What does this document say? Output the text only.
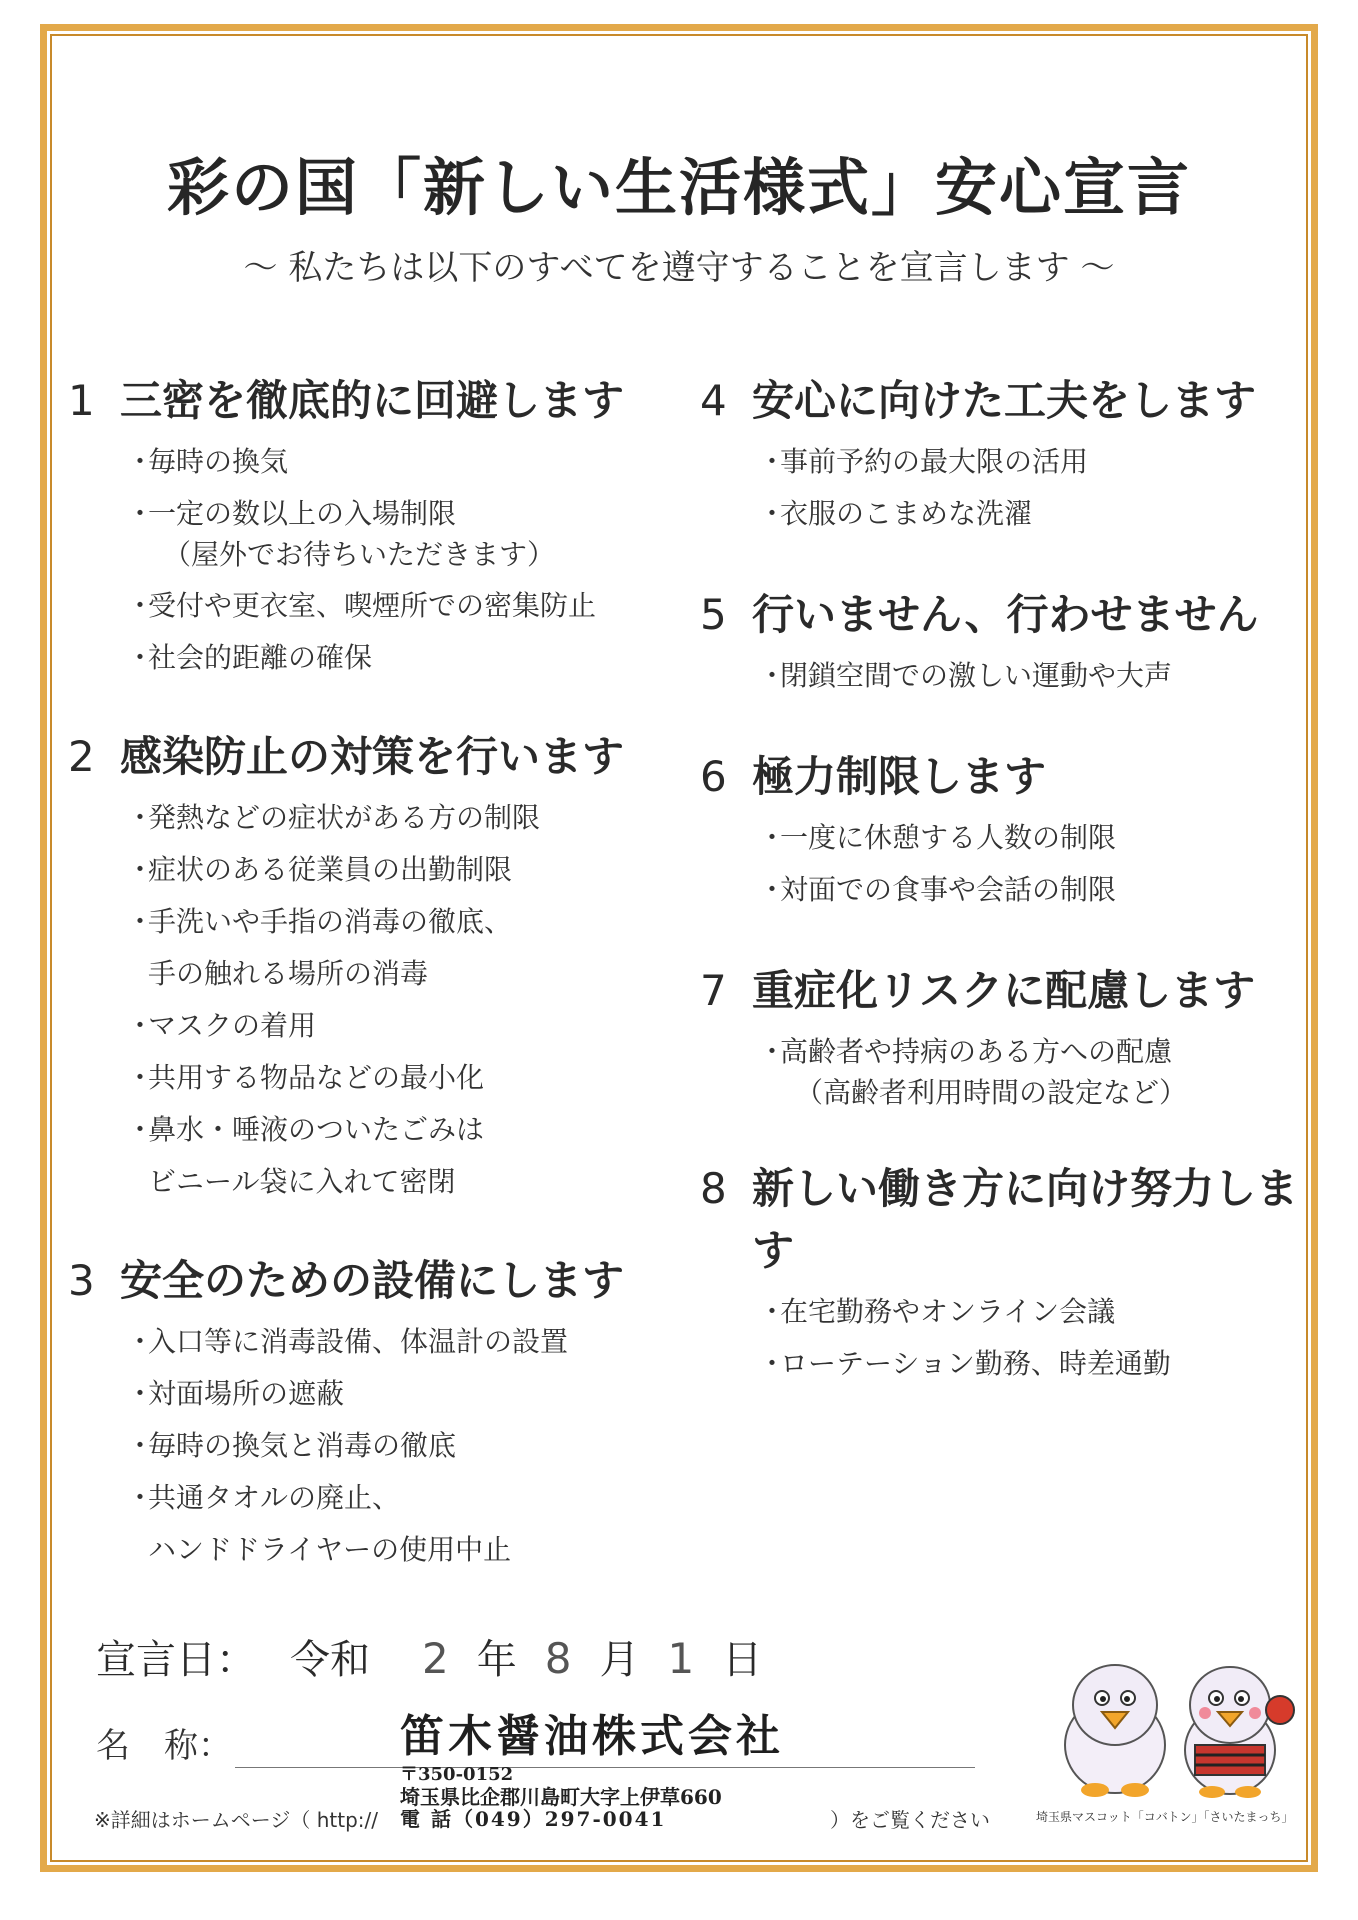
彩の国「新しい生活様式」安心宣言
～ 私たちは以下のすべてを遵守することを宣言します ～
1 三密を徹底的に回避します
・
毎時の換気
・
一定の数以上の入場制限
（屋外でお待ちいただきます）
・
受付や更衣室、喫煙所での密集防止
・
社会的距離の確保
2 感染防止の対策を行います
・
発熱などの症状がある方の制限
・
症状のある従業員の出勤制限
・
手洗いや手指の消毒の徹底、
手の触れる場所の消毒
・
マスクの着用
・
共用する物品などの最小化
・
鼻水・唾液のついたごみは
ビニール袋に入れて密閉
3 安全のための設備にします
・
入口等に消毒設備、体温計の設置
・
対面場所の遮蔽
・
毎時の換気と消毒の徹底
・
共通タオルの廃止、
ハンドドライヤーの使用中止
4 安心に向けた工夫をします
・
事前予約の最大限の活用
・
衣服のこまめな洗濯
5 行いません、行わせません
・
閉鎖空間での激しい運動や大声
6 極力制限します
・
一度に休憩する人数の制限
・
対面での食事や会話の制限
7 重症化リスクに配慮します
・
高齢者や持病のある方への配慮
（高齢者利用時間の設定など）
8 新しい働き方に向け努力します
・
在宅勤務やオンライン会議
・
ローテーション勤務、時差通勤
宣言日： 令和 2 年 8 月 1 日
名　称：	笛木醤油株式会社
〒350-0152
埼玉県比企郡川島町大字上伊草660
電 話（049）297-0041
※詳細はホームページ（ http://	）をご覧ください	埼玉県マスコット「コバトン」「さいたまっち」
